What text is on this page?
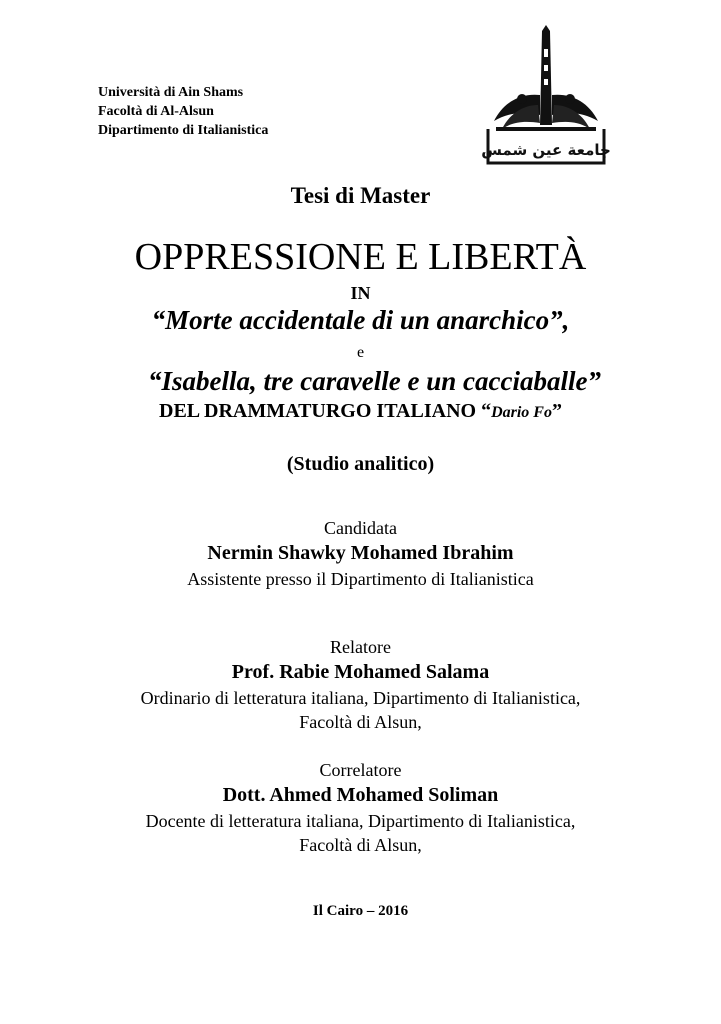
Università di Ain Shams
Facoltà di Al-Alsun
Dipartimento di Italianistica
جامعة عين شمس
Tesi di Master
OPPRESSIONE E LIBERTÀ
IN
“Morte accidentale di un anarchico”,
e
“Isabella, tre caravelle e un cacciaballe”
DEL DRAMMATURGO ITALIANO “Dario Fo”
(Studio analitico)
Candidata
Nermin Shawky Mohamed Ibrahim
Assistente presso il Dipartimento di Italianistica
Relatore
Prof. Rabie Mohamed Salama
Ordinario di letteratura italiana, Dipartimento di Italianistica,
Facoltà di Alsun,
Correlatore
Dott. Ahmed Mohamed Soliman
Docente di letteratura italiana, Dipartimento di Italianistica,
Facoltà di Alsun,
Il Cairo – 2016
